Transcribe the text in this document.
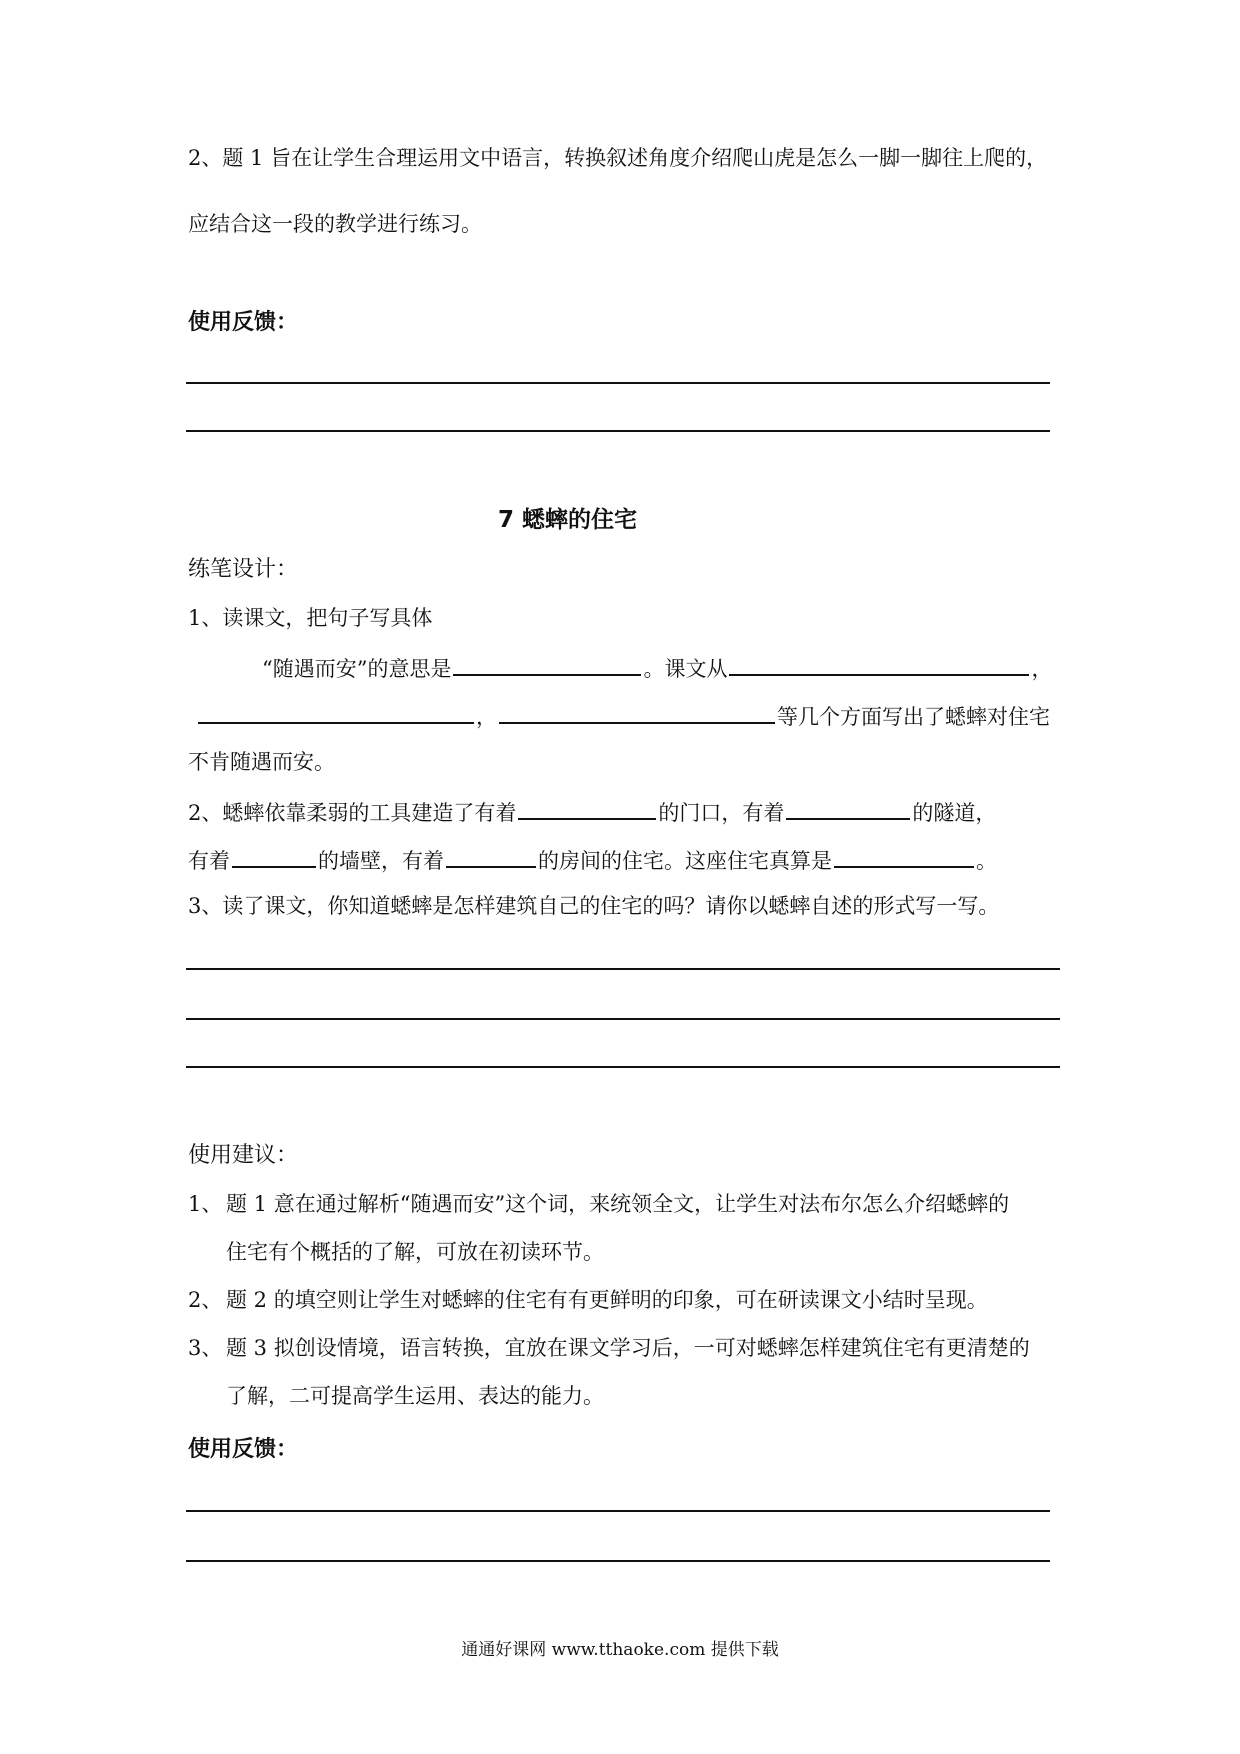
2、题 1 旨在让学生合理运用文中语言，转换叙述角度介绍爬山虎是怎么一脚一脚往上爬的，
应结合这一段的教学进行练习。
使用反馈：
7 蟋蟀的住宅
练笔设计：
1、读课文，把句子写具体
“随遇而安”的意思是	。课文从	，
，	等几个方面写出了蟋蟀对住宅
不肯随遇而安。
2、蟋蟀依靠柔弱的工具建造了有着	的门口，有着	的隧道，
有着	的墙壁，有着	的房间的住宅。这座住宅真算是	。
3、读了课文，你知道蟋蟀是怎样建筑自己的住宅的吗？请你以蟋蟀自述的形式写一写。
使用建议：
1、 题 1 意在通过解析“随遇而安”这个词，来统领全文，让学生对法布尔怎么介绍蟋蟀的
住宅有个概括的了解，可放在初读环节。
2、 题 2 的填空则让学生对蟋蟀的住宅有有更鲜明的印象，可在研读课文小结时呈现。
3、 题 3 拟创设情境，语言转换，宜放在课文学习后，一可对蟋蟀怎样建筑住宅有更清楚的
了解，二可提高学生运用、表达的能力。
使用反馈：
通通好课网 www.tthaoke.com 提供下载
